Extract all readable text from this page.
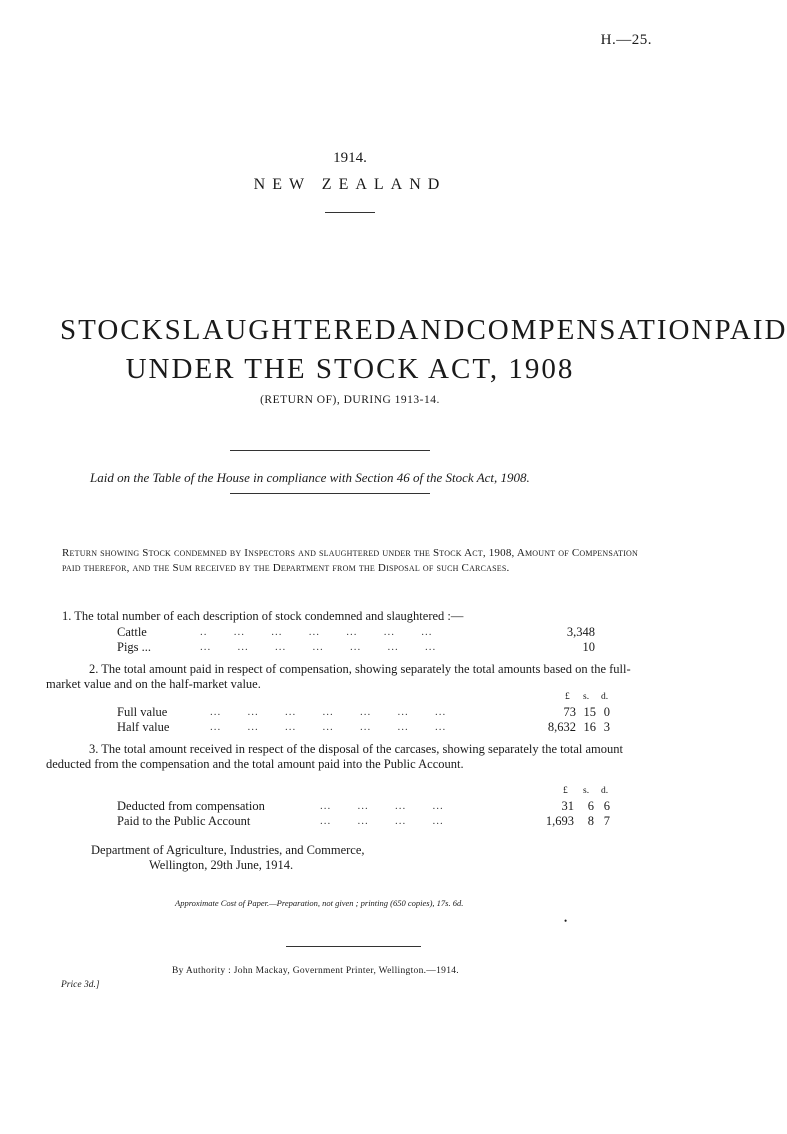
H.—25.
1914.
NEW ZEALAND
STOCK SLAUGHTERED AND COMPENSATION PAID
UNDER THE STOCK ACT, 1908
(RETURN OF), DURING 1913-14.
Laid on the Table of the House in compliance with Section 46 of the Stock Act, 1908.
Return showing Stock condemned by Inspectors and slaughtered under the Stock Act, 1908, Amount of Compensation paid therefor, and the Sum received by the Department from the Disposal of such Carcases.
1. The total number of each description of stock condemned and slaughtered :—
Cattle	..       ...       ...       ...       ...       ...       ...	3,348
Pigs ...	...       ...       ...       ...       ...       ...       ...	10
2. The total amount paid in respect of compensation, showing separately the total amounts based on the full-market value and on the half-market value.
£ s. d.
Full value	...       ...       ...       ...       ...       ...       ...	73 15 0
Half value	...       ...       ...       ...       ...       ...       ...	8,632 16 3
3. The total amount received in respect of the disposal of the carcases, showing separately the total amount deducted from the compensation and the total amount paid into the Public Account.
£ s. d.
Deducted from compensation	...       ...       ...       ...	31	6 6
Paid to the Public Account	...       ...       ...       ...	1,693	8 7
Department of Agriculture, Industries, and Commerce,
Wellington, 29th June, 1914.
Approximate Cost of Paper.—Preparation, not given ; printing (650 copies), 17s. 6d.
•
By Authority : John Mackay, Government Printer, Wellington.—1914.
Price 3d.]
